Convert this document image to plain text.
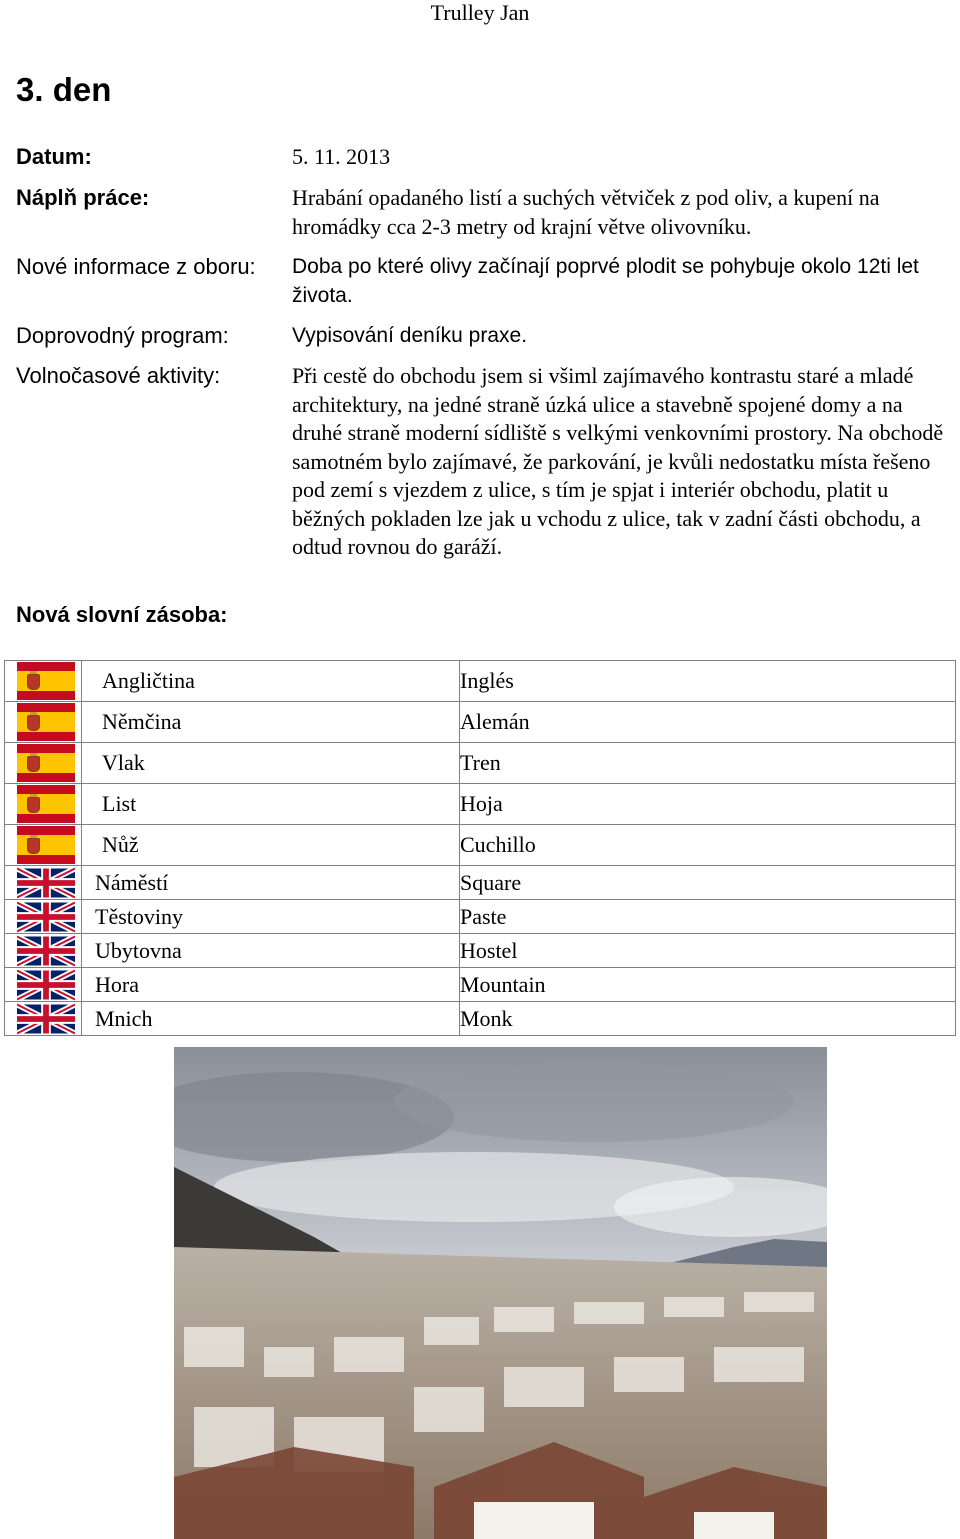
Trulley Jan
3. den
Datum:	5. 11. 2013
Náplň práce:	Hrabání opadaného listí a suchých větviček z pod oliv, a kupení na hromádky cca 2-3 metry od krajní větve olivovníku.
Nové informace z oboru: Doba po které olivy začínají poprvé plodit se pohybuje okolo 12ti let života.
Doprovodný program:	Vypisování deníku praxe.
Volnočasové aktivity:	Při cestě do obchodu jsem si všiml zajímavého kontrastu staré a mladé architektury, na jedné straně úzká ulice a stavebně spojené domy a na druhé straně moderní sídliště s velkými venkovními prostory. Na obchodě samotném bylo zajímavé, že parkování, je kvůli nedostatku místa řešeno pod zemí s vjezdem z ulice, s tím je spjat i interiér obchodu, platit u běžných pokladen lze jak u vchodu z ulice, tak v zadní části obchodu, a odtud rovnou do garáží.
Nová slovní zásoba:
	Angličtina	Inglés

	Němčina	Alemán

	Vlak	Tren

	List	Hoja

	Nůž	Cuchillo

	Náměstí	Square

	Těstoviny	Paste

	Ubytovna	Hostel

	Hora	Mountain

	Mnich	Monk
